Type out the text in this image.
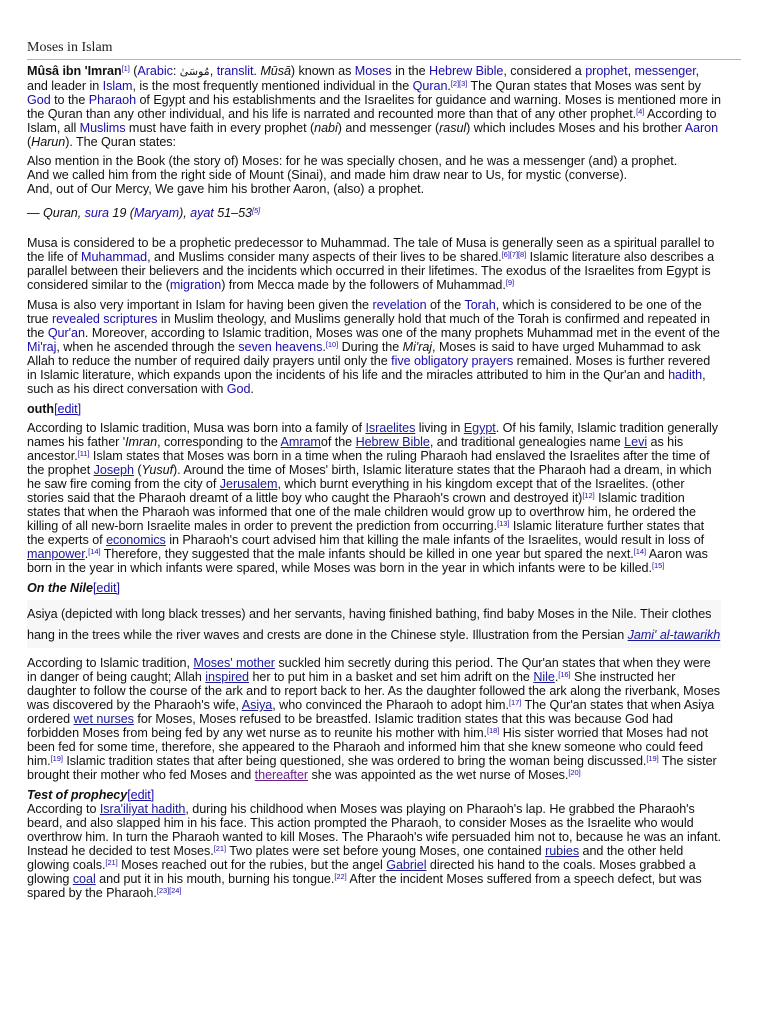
Moses in Islam

Mûsâ ibn 'Imran[1] (Arabic: مُوسَىٰ, translit. Mūsā) known as Moses in the Hebrew Bible, considered a prophet, messenger, and leader in Islam, is the most frequently mentioned individual in the Quran.[2][3] The Quran states that Moses was sent by God to the Pharaoh of Egypt and his establishments and the Israelites for guidance and warning. Moses is mentioned more in the Quran than any other individual, and his life is narrated and recounted more than that of any other prophet.[4] According to Islam, all Muslims must have faith in every prophet (nabi) and messenger (rasul) which includes Moses and his brother Aaron (Harun). The Quran states:

Also mention in the Book (the story of) Moses: for he was specially chosen, and he was a messenger (and) a prophet.

And we called him from the right side of Mount (Sinai), and made him draw near to Us, for mystic (converse).

And, out of Our Mercy, We gave him his brother Aaron, (also) a prophet.

— Quran, sura 19 (Maryam), ayat 51–53[5]

Musa is considered to be a prophetic predecessor to Muhammad. The tale of Musa is generally seen as a spiritual parallel to the life of Muhammad, and Muslims consider many aspects of their lives to be shared.[6][7][8] Islamic literature also describes a parallel between their believers and the incidents which occurred in their lifetimes. The exodus of the Israelites from Egypt is considered similar to the (migration) from Mecca made by the followers of Muhammad.[9]

Musa is also very important in Islam for having been given the revelation of the Torah, which is considered to be one of the true revealed scriptures in Muslim theology, and Muslims generally hold that much of the Torah is confirmed and repeated in the Qur'an. Moreover, according to Islamic tradition, Moses was one of the many prophets Muhammad met in the event of the Mi'raj, when he ascended through the seven heavens.[10] During the Mi'raj, Moses is said to have urged Muhammad to ask Allah to reduce the number of required daily prayers until only the five obligatory prayers remained. Moses is further revered in Islamic literature, which expands upon the incidents of his life and the miracles attributed to him in the Qur'an and hadith, such as his direct conversation with God.

outh[edit]

According to Islamic tradition, Musa was born into a family of Israelites living in Egypt. Of his family, Islamic tradition generally names his father 'Imran, corresponding to the Amramof the Hebrew Bible, and traditional genealogies name Levi as his ancestor.[11] Islam states that Moses was born in a time when the ruling Pharaoh had enslaved the Israelites after the time of the prophet Joseph (Yusuf). Around the time of Moses' birth, Islamic literature states that the Pharaoh had a dream, in which he saw fire coming from the city of Jerusalem, which burnt everything in his kingdom except that of the Israelites. (other stories said that the Pharaoh dreamt of a little boy who caught the Pharaoh's crown and destroyed it)[12] Islamic tradition states that when the Pharaoh was informed that one of the male children would grow up to overthrow him, he ordered the killing of all new-born Israelite males in order to prevent the prediction from occurring.[13] Islamic literature further states that the experts of economics in Pharaoh's court advised him that killing the male infants of the Israelites, would result in loss of manpower.[14] Therefore, they suggested that the male infants should be killed in one year but spared the next.[14] Aaron was born in the year in which infants were spared, while Moses was born in the year in which infants were to be killed.[15]

On the Nile[edit]

Asiya (depicted with long black tresses) and her servants, having finished bathing, find baby Moses in the Nile. Their clothes hang in the trees while the river waves and crests are done in the Chinese style. Illustration from the Persian Jami' al-tawarikh

According to Islamic tradition, Moses' mother suckled him secretly during this period. The Qur'an states that when they were in danger of being caught; Allah inspired her to put him in a basket and set him adrift on the Nile.[16] She instructed her daughter to follow the course of the ark and to report back to her. As the daughter followed the ark along the riverbank, Moses was discovered by the Pharaoh's wife, Asiya, who convinced the Pharaoh to adopt him.[17] The Qur'an states that when Asiya ordered wet nurses for Moses, Moses refused to be breastfed. Islamic tradition states that this was because God had forbidden Moses from being fed by any wet nurse as to reunite his mother with him.[18] His sister worried that Moses had not been fed for some time, therefore, she appeared to the Pharaoh and informed him that she knew someone who could feed him.[19] Islamic tradition states that after being questioned, she was ordered to bring the woman being discussed.[19] The sister brought their mother who fed Moses and thereafter she was appointed as the wet nurse of Moses.[20]

Test of prophecy[edit]

According to Isra'iliyat hadith, during his childhood when Moses was playing on Pharaoh's lap. He grabbed the Pharaoh's beard, and also slapped him in his face. This action prompted the Pharaoh, to consider Moses as the Israelite who would overthrow him. In turn the Pharaoh wanted to kill Moses. The Pharaoh's wife persuaded him not to, because he was an infant. Instead he decided to test Moses.[21] Two plates were set before young Moses, one contained rubies and the other held glowing coals.[21] Moses reached out for the rubies, but the angel Gabriel directed his hand to the coals. Moses grabbed a glowing coal and put it in his mouth, burning his tongue.[22] After the incident Moses suffered from a speech defect, but was spared by the Pharaoh.[23][24]
